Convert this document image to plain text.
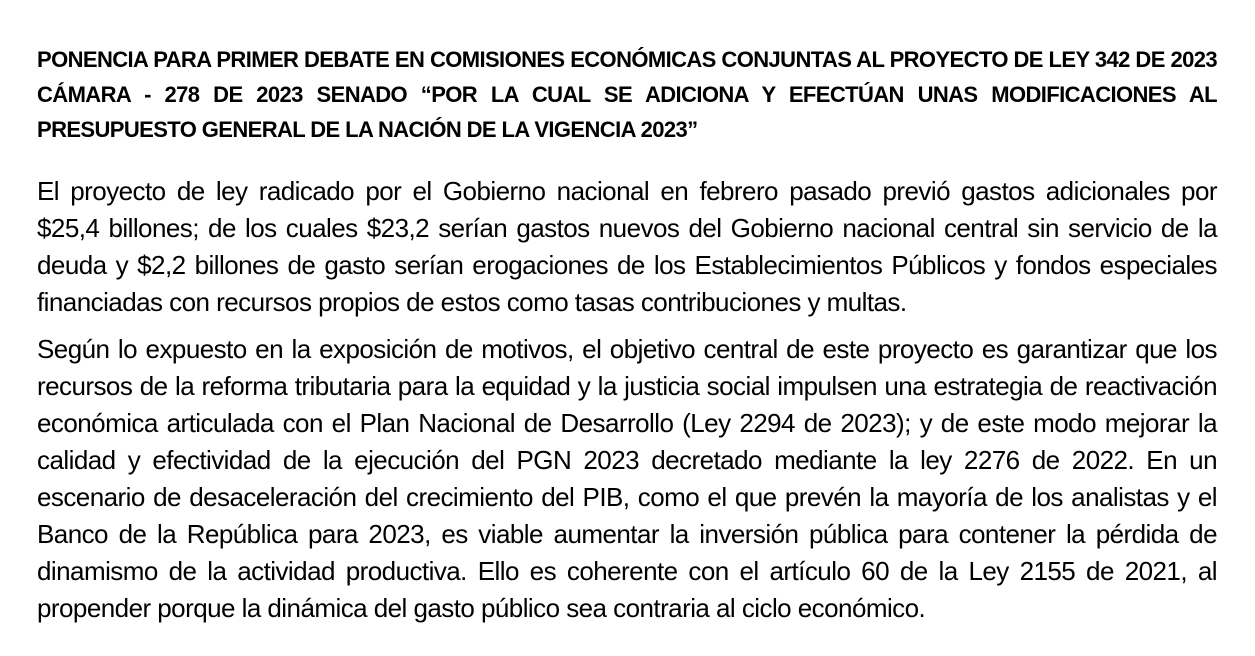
PONENCIA PARA PRIMER DEBATE EN COMISIONES ECONÓMICAS CONJUNTAS AL PROYECTO DE LEY 342 DE 2023 CÁMARA - 278 DE 2023 SENADO “POR LA CUAL SE ADICIONA Y EFECTÚAN UNAS MODIFICACIONES AL PRESUPUESTO GENERAL DE LA NACIÓN DE LA VIGENCIA 2023”

El proyecto de ley radicado por el Gobierno nacional en febrero pasado previó gastos adicionales por $25,4 billones; de los cuales $23,2 serían gastos nuevos del Gobierno nacional central sin servicio de la deuda y $2,2 billones de gasto serían erogaciones de los Establecimientos Públicos y fondos especiales financiadas con recursos propios de estos como tasas contribuciones y multas.

Según lo expuesto en la exposición de motivos, el objetivo central de este proyecto es garantizar que los recursos de la reforma tributaria para la equidad y la justicia social impulsen una estrategia de reactivación económica articulada con el Plan Nacional de Desarrollo (Ley 2294 de 2023); y de este modo mejorar la calidad y efectividad de la ejecución del PGN 2023 decretado mediante la ley 2276 de 2022. En un escenario de desaceleración del crecimiento del PIB, como el que prevén la mayoría de los analistas y el Banco de la República para 2023, es viable aumentar la inversión pública para contener la pérdida de dinamismo de la actividad productiva. Ello es coherente con el artículo 60 de la Ley 2155 de 2021, al propender porque la dinámica del gasto público sea contraria al ciclo económico.
